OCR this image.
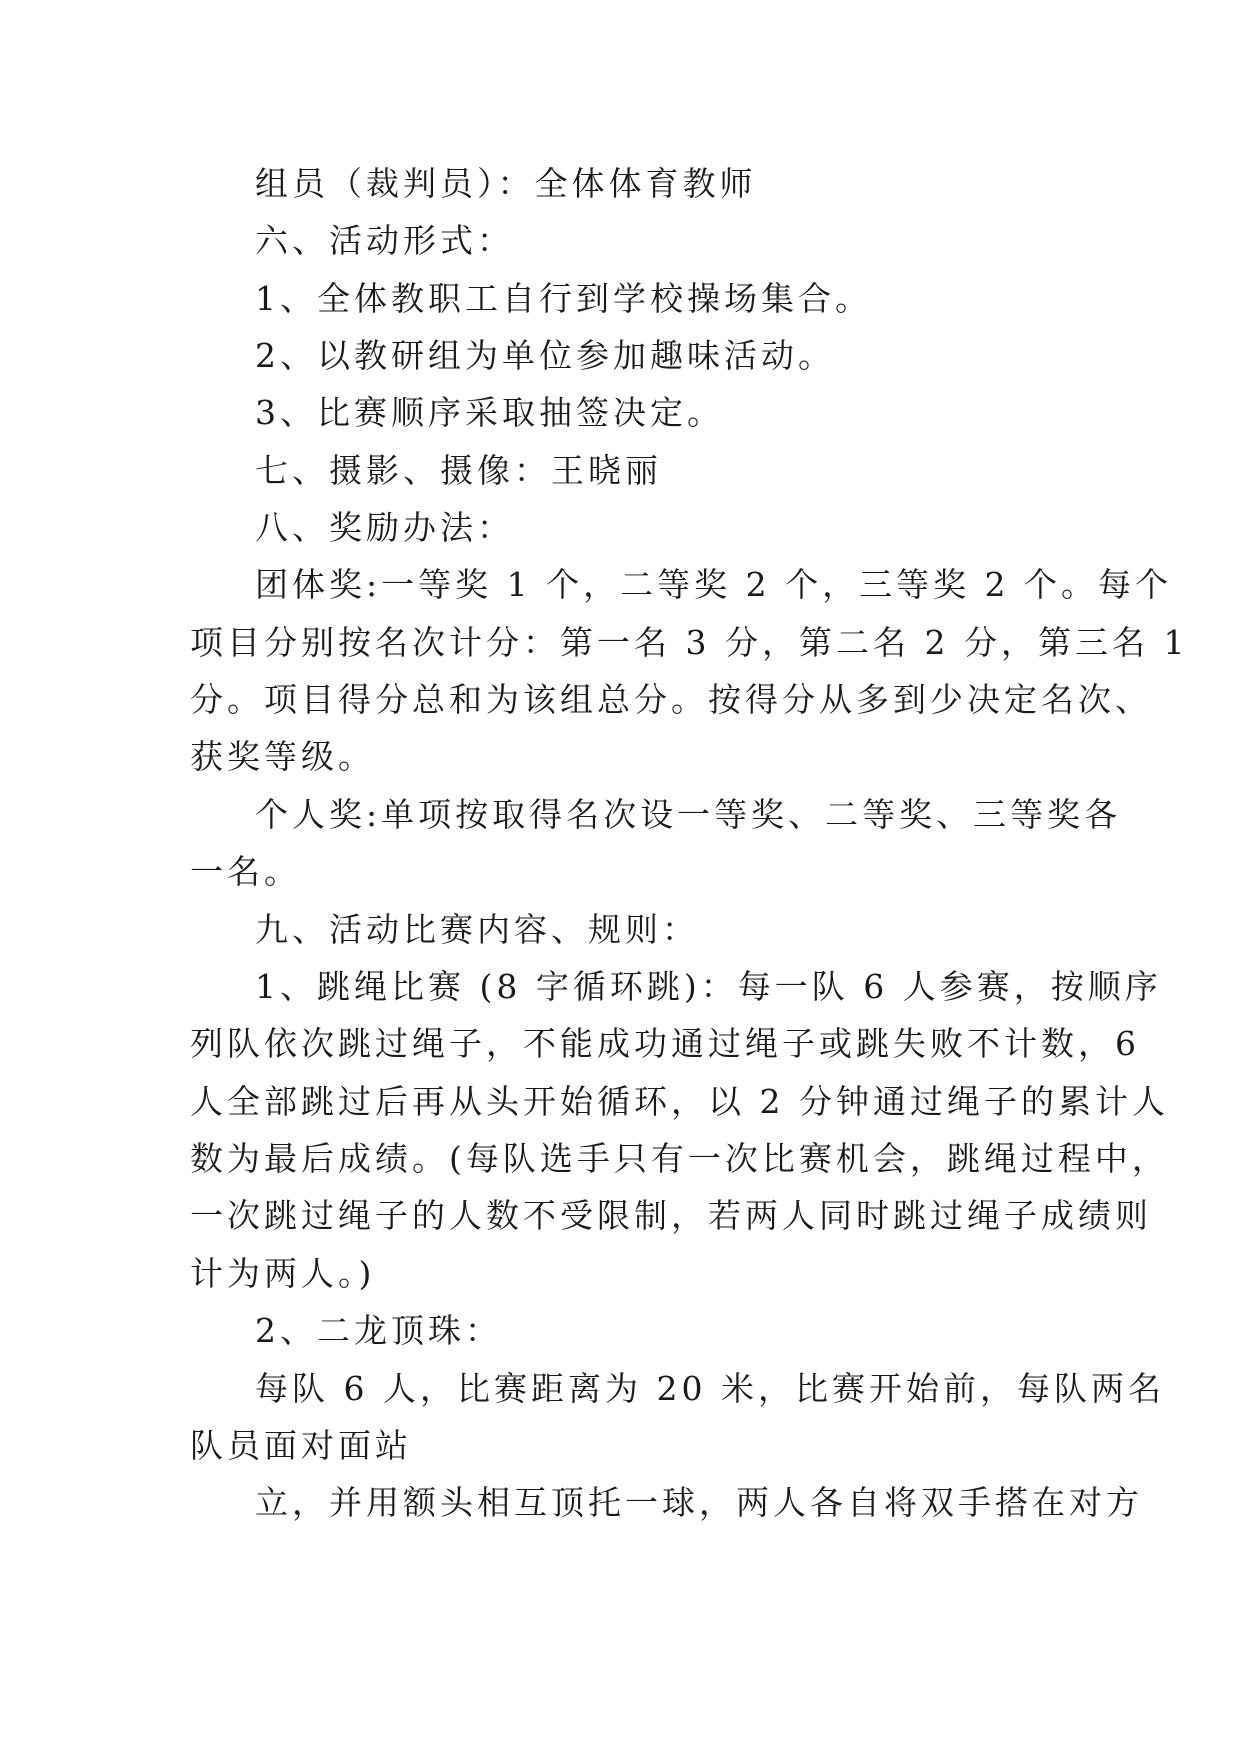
组员（裁判员）：全体体育教师
六、活动形式：
1、全体教职工自行到学校操场集合。
2、以教研组为单位参加趣味活动。
3、比赛顺序采取抽签决定。
七、摄影、摄像：王晓丽
八、奖励办法：
团体奖:一等奖 1 个，二等奖 2 个，三等奖 2 个。每个
项目分别按名次计分：第一名 3 分，第二名 2 分，第三名 1
分。项目得分总和为该组总分。按得分从多到少决定名次、
获奖等级。
个人奖:单项按取得名次设一等奖、二等奖、三等奖各
一名。
九、活动比赛内容、规则：
1、跳绳比赛 (8 字循环跳)：每一队 6 人参赛，按顺序
列队依次跳过绳子，不能成功通过绳子或跳失败不计数，6
人全部跳过后再从头开始循环，以 2 分钟通过绳子的累计人
数为最后成绩。(每队选手只有一次比赛机会，跳绳过程中，
一次跳过绳子的人数不受限制，若两人同时跳过绳子成绩则
计为两人。)
2、二龙顶珠：
每队 6 人，比赛距离为 20 米，比赛开始前，每队两名
队员面对面站
立，并用额头相互顶托一球，两人各自将双手搭在对方
